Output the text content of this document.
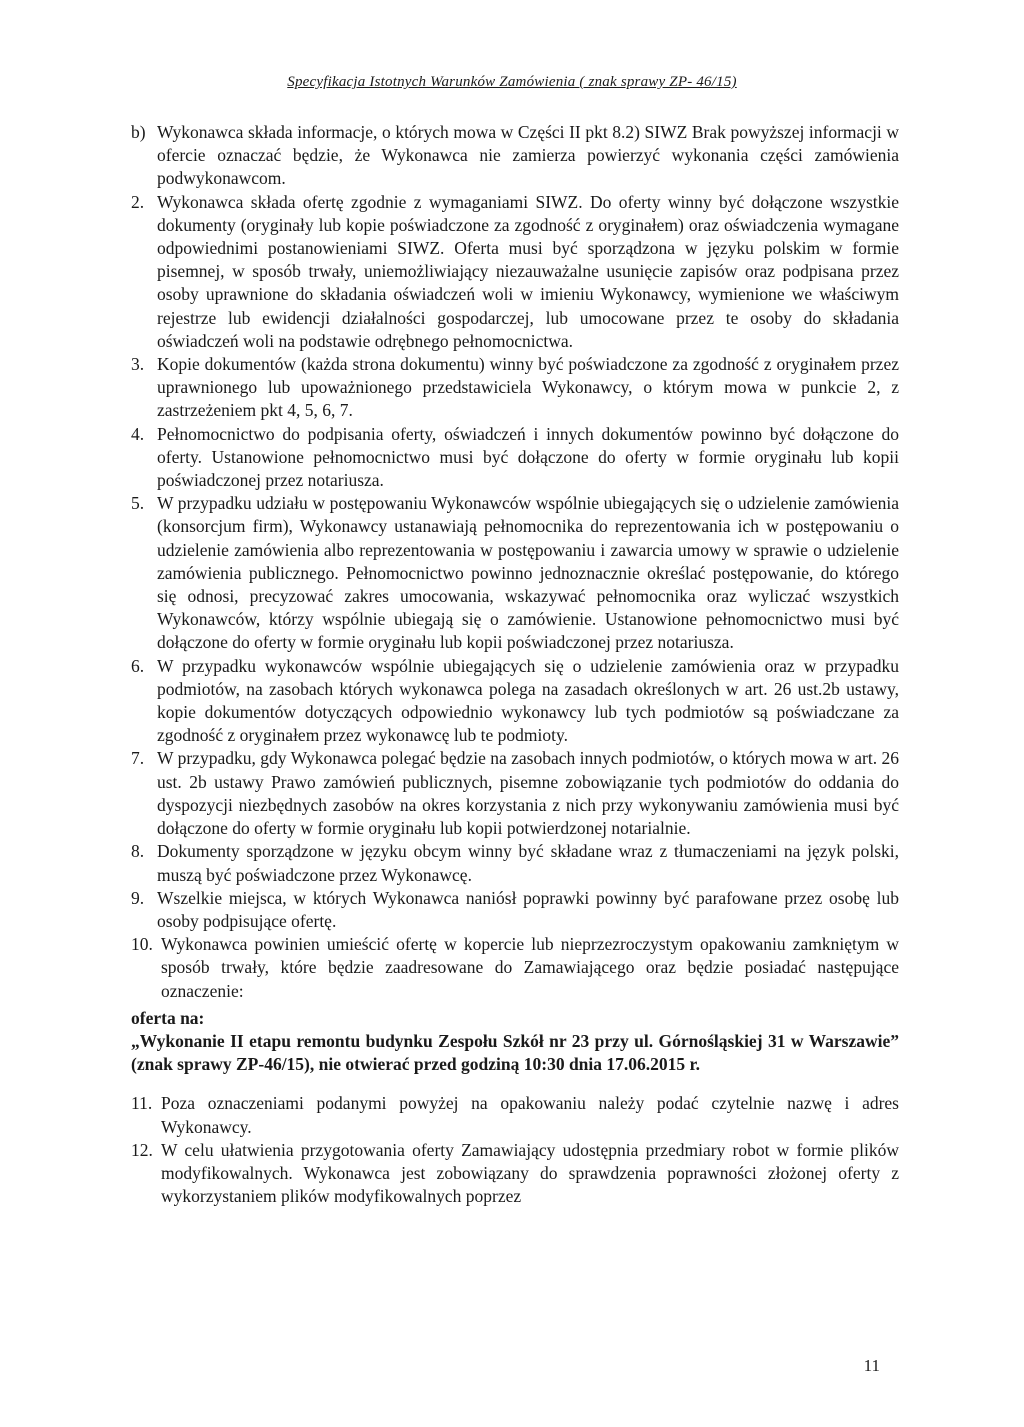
Specyfikacja Istotnych Warunków Zamówienia ( znak sprawy ZP- 46/15)
b) Wykonawca składa informacje, o których mowa w Części II pkt 8.2) SIWZ Brak powyższej informacji w ofercie oznaczać będzie, że Wykonawca nie zamierza powierzyć wykonania części zamówienia podwykonawcom.
2. Wykonawca składa ofertę zgodnie z wymaganiami SIWZ. Do oferty winny być dołączone wszystkie dokumenty (oryginały lub kopie poświadczone za zgodność z oryginałem) oraz oświadczenia wymagane odpowiednimi postanowieniami SIWZ. Oferta musi być sporządzona w języku polskim w formie pisemnej, w sposób trwały, uniemożliwiający niezauważalne usunięcie zapisów oraz podpisana przez osoby uprawnione do składania oświadczeń woli w imieniu Wykonawcy, wymienione we właściwym rejestrze lub ewidencji działalności gospodarczej, lub umocowane przez te osoby do składania oświadczeń woli na podstawie odrębnego pełnomocnictwa.
3. Kopie dokumentów (każda strona dokumentu) winny być poświadczone za zgodność z oryginałem przez uprawnionego lub upoważnionego przedstawiciela Wykonawcy, o którym mowa w punkcie 2, z zastrzeżeniem pkt 4, 5, 6, 7.
4. Pełnomocnictwo do podpisania oferty, oświadczeń i innych dokumentów powinno być dołączone do oferty. Ustanowione pełnomocnictwo musi być dołączone do oferty w formie oryginału lub kopii poświadczonej przez notariusza.
5. W przypadku udziału w postępowaniu Wykonawców wspólnie ubiegających się o udzielenie zamówienia (konsorcjum firm), Wykonawcy ustanawiają pełnomocnika do reprezentowania ich w postępowaniu o udzielenie zamówienia albo reprezentowania w postępowaniu i zawarcia umowy w sprawie o udzielenie zamówienia publicznego. Pełnomocnictwo powinno jednoznacznie określać postępowanie, do którego się odnosi, precyzować zakres umocowania, wskazywać pełnomocnika oraz wyliczać wszystkich Wykonawców, którzy wspólnie ubiegają się o zamówienie. Ustanowione pełnomocnictwo musi być dołączone do oferty w formie oryginału lub kopii poświadczonej przez notariusza.
6. W przypadku wykonawców wspólnie ubiegających się o udzielenie zamówienia oraz w przypadku podmiotów, na zasobach których wykonawca polega na zasadach określonych w art. 26 ust.2b ustawy, kopie dokumentów dotyczących odpowiednio wykonawcy lub tych podmiotów są poświadczane za zgodność z oryginałem przez wykonawcę lub te podmioty.
7. W przypadku, gdy Wykonawca polegać będzie na zasobach innych podmiotów, o których mowa w art. 26 ust. 2b ustawy Prawo zamówień publicznych, pisemne zobowiązanie tych podmiotów do oddania do dyspozycji niezbędnych zasobów na okres korzystania z nich przy wykonywaniu zamówienia musi być dołączone do oferty w formie oryginału lub kopii potwierdzonej notarialnie.
8. Dokumenty sporządzone w języku obcym winny być składane wraz z tłumaczeniami na język polski, muszą być poświadczone przez Wykonawcę.
9. Wszelkie miejsca, w których Wykonawca naniósł poprawki powinny być parafowane przez osobę lub osoby podpisujące ofertę.
10. Wykonawca powinien umieścić ofertę w kopercie lub nieprzezroczystym opakowaniu zamkniętym w sposób trwały, które będzie zaadresowane do Zamawiającego oraz będzie posiadać następujące oznaczenie:
oferta na:
„Wykonanie II etapu remontu budynku Zespołu Szkół nr 23 przy ul. Górnośląskiej 31 w Warszawie” (znak sprawy ZP-46/15), nie otwierać przed godziną 10:30 dnia 17.06.2015 r.
11. Poza oznaczeniami podanymi powyżej na opakowaniu należy podać czytelnie nazwę i adres Wykonawcy.
12. W celu ułatwienia przygotowania oferty Zamawiający udostępnia przedmiary robot w formie plików modyfikowalnych. Wykonawca jest zobowiązany do sprawdzenia poprawności złożonej oferty z wykorzystaniem plików modyfikowalnych poprzez
11
